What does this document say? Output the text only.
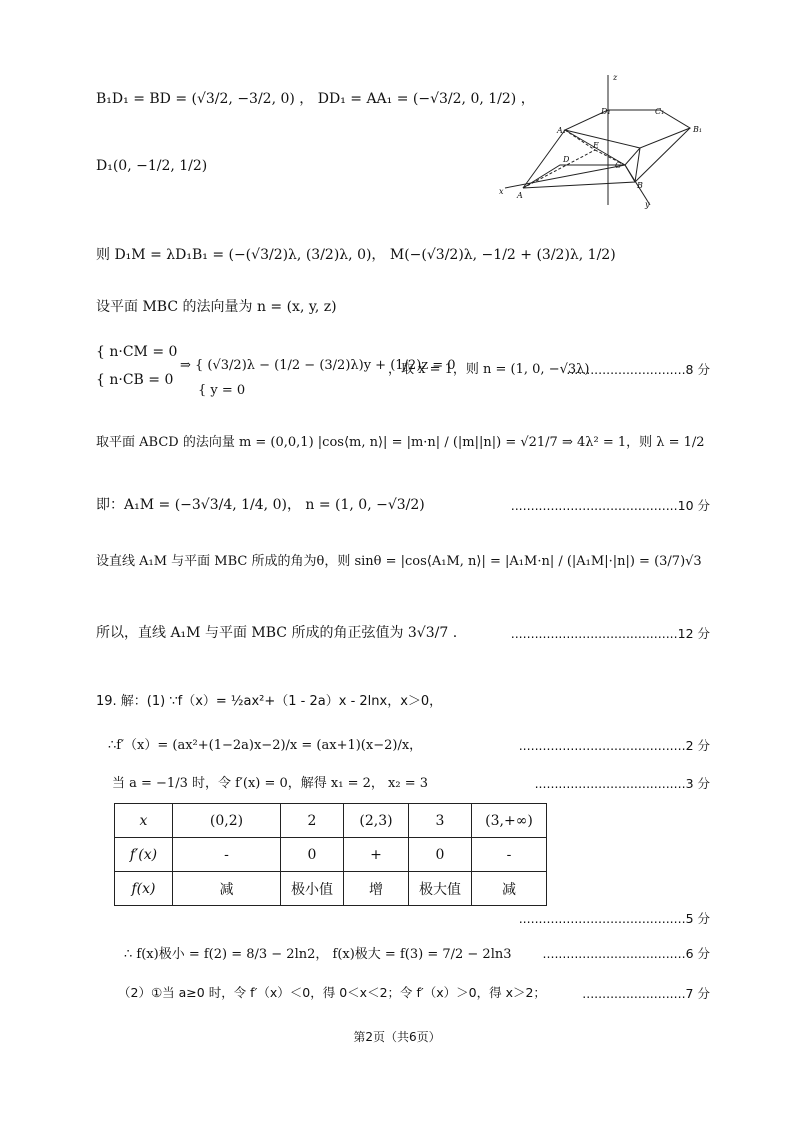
B₁D₁ = BD = (√3/2, −3/2, 0) ， DD₁ = AA₁ = (−√3/2, 0, 1/2) ，
D₁(0, −1/2, 1/2)
z
D₁	C₁
A₁	B₁
D
E
C
A
B
x
y
则 D₁M = λD₁B₁ = (−(√3/2)λ, (3/2)λ, 0)， M(−(√3/2)λ, −1/2 + (3/2)λ, 1/2)
设平面 MBC 的法向量为 n = (x, y, z)
{ n·CM = 0
{ n·CB = 0
⇒ { (√3/2)λ − (1/2 − (3/2)λ)y + (1/2)z = 0
{ y = 0
，取 x = 1，则 n = (1, 0, −√3λ)
..............................8 分
取平面 ABCD 的法向量 m = (0,0,1) |cos⟨m, n⟩| = |m·n| / (|m||n|) = √21/7 ⇒ 4λ² = 1，则 λ = 1/2
即：A₁M = (−3√3/4, 1/4, 0)， n = (1, 0, −√3/2)	..........................................10 分
设直线 A₁M 与平面 MBC 所成的角为θ，则 sinθ = |cos⟨A₁M, n⟩| = |A₁M·n| / (|A₁M|·|n|) = (3/7)√3
所以，直线 A₁M 与平面 MBC 所成的角正弦值为 3√3/7 .	..........................................12 分
19. 解：(1) ∵f（x）= ½ax²+（1 - 2a）x - 2lnx，x＞0，
∴f′（x）= (ax²+(1−2a)x−2)/x = (ax+1)(x−2)/x，	..........................................2 分
当 a = −1/3 时，令 f′(x) = 0，解得 x₁ = 2， x₂ = 3	......................................3 分
x	(0,2)	2	(2,3)	3	(3,+∞)
f′(x)	-	0	+	0	-
f(x)	减	极小值	增	极大值	减
..........................................5 分
∴ f(x)极小 = f(2) = 8/3 − 2ln2， f(x)极大 = f(3) = 7/2 − 2ln3 ....................................6 分
（2）①当 a≥0 时，令 f′（x）＜0，得 0＜x＜2；令 f′（x）＞0，得 x＞2；	..........................7 分
第2页（共6页）
